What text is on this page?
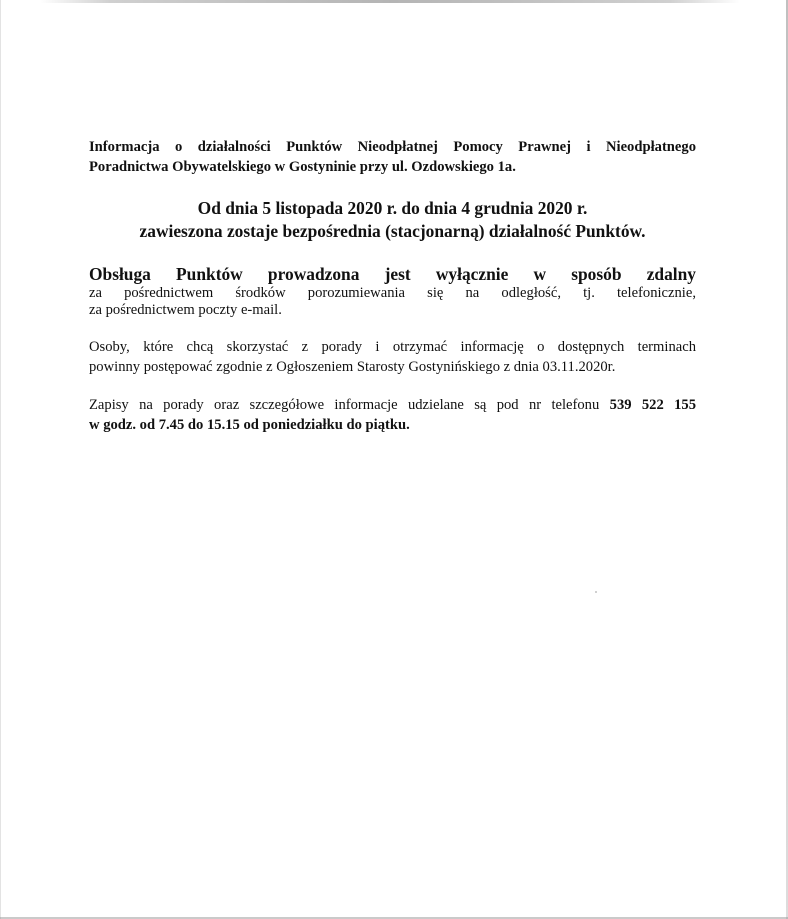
Informacja o działalności Punktów Nieodpłatnej Pomocy Prawnej i Nieodpłatnego
Poradnictwa Obywatelskiego w Gostyninie przy ul. Ozdowskiego 1a.

Od dnia 5 listopada 2020 r. do dnia 4 grudnia 2020 r.
zawieszona zostaje bezpośrednia (stacjonarną) działalność Punktów.
Obsługa Punktów prowadzona jest wyłącznie w sposób zdalny
za pośrednictwem środków porozumiewania się na odległość, tj. telefonicznie,
za pośrednictwem poczty e-mail.
Osoby, które chcą skorzystać z porady i otrzymać informację o dostępnych terminach
powinny postępować zgodnie z Ogłoszeniem Starosty Gostynińskiego z dnia 03.11.2020r.
Zapisy na porady oraz szczegółowe informacje udzielane są pod nr telefonu 539 522 155
w godz. od 7.45 do 15.15 od poniedziałku do piątku.
